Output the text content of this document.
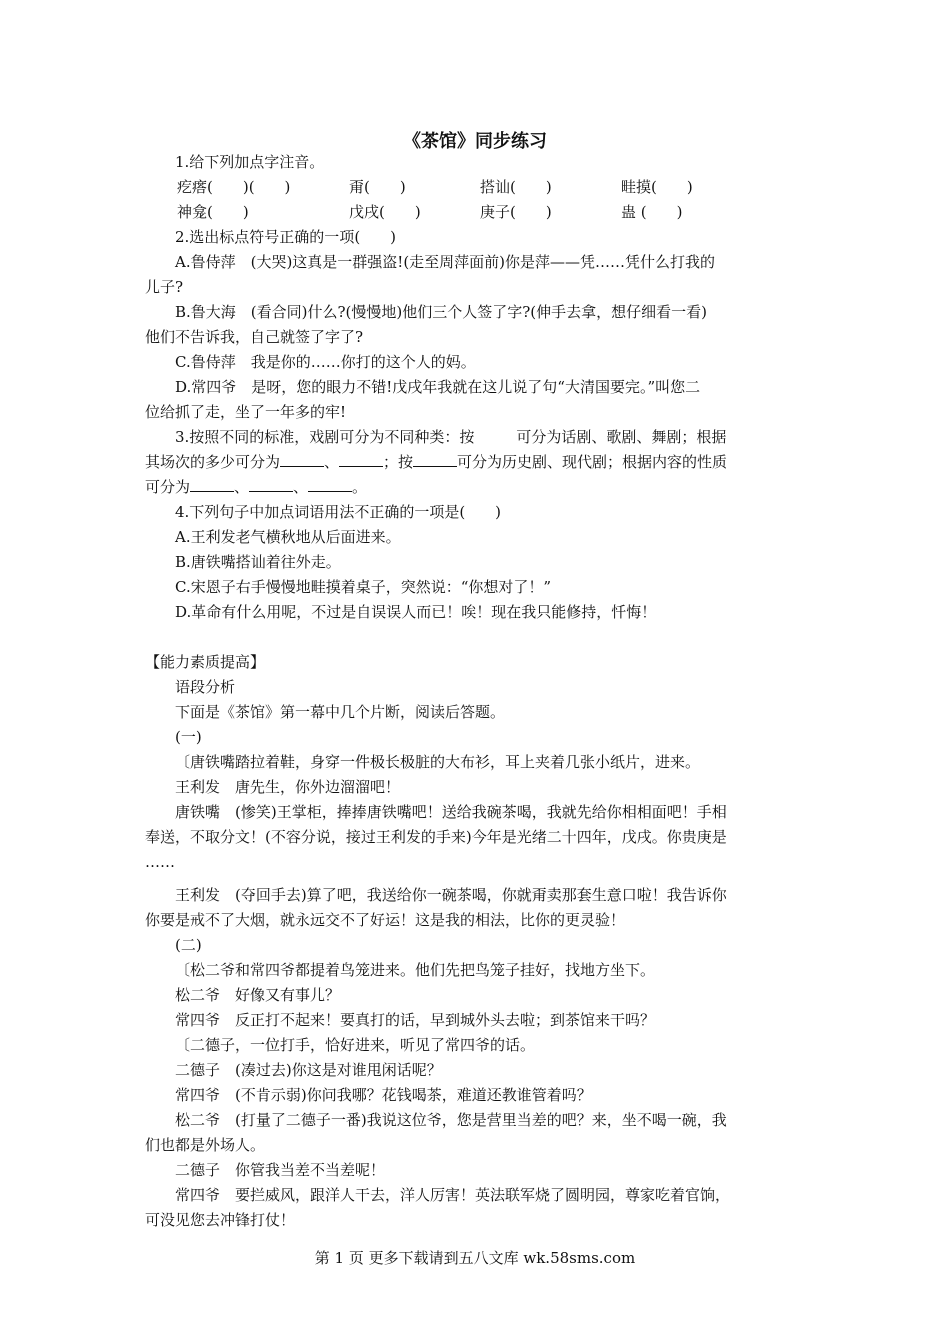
《茶馆》同步练习

1.给下列加点字注音。

疙瘩(　　)(　　)	甭(　　)	搭讪(　　)	畦摸(　　)
神龛(　　)	戊戌(　　)	庚子(　　)	蛊 (　　)

2.选出标点符号正确的一项(　　)

A.鲁侍萍　(大哭)这真是一群强盗!(走至周萍面前)你是萍——凭……凭什么打我的

儿子?

B.鲁大海　(看合同)什么?(慢慢地)他们三个人签了字?(伸手去拿，想仔细看一看)

他们不告诉我，自己就签了字了?

C.鲁侍萍　我是你的……你打的这个人的妈。

D.常四爷　是呀，您的眼力不错!戊戌年我就在这儿说了句“大清国要完。”叫您二

位给抓了走，坐了一年多的牢!

3.按照不同的标准，戏剧可分为不同种类：按	可分为话剧、歌剧、舞剧；根据

其场次的多少可分为	、	；按	可分为历史剧、现代剧；根据内容的性质

可分为	、	、	。

4.下列句子中加点词语用法不正确的一项是(　　)

A.王利发老气横秋地从后面进来。

B.唐铁嘴搭讪着往外走。

C.宋恩子右手慢慢地畦摸着桌子，突然说：“你想对了！”

D.革命有什么用呢，不过是自误误人而已！唉！现在我只能修持，忏悔！

【能力素质提高】

语段分析

下面是《茶馆》第一幕中几个片断，阅读后答题。

(一)

〔唐铁嘴踏拉着鞋，身穿一件极长极脏的大布衫，耳上夹着几张小纸片，进来。

王利发　唐先生，你外边溜溜吧！

唐铁嘴　(惨笑)王掌柜，捧捧唐铁嘴吧！送给我碗茶喝，我就先给你相相面吧！手相

奉送，不取分文！(不容分说，接过王利发的手来)今年是光绪二十四年，戊戌。你贵庚是

……

王利发　(夺回手去)算了吧，我送给你一碗茶喝，你就甭卖那套生意口啦！我告诉你

你要是戒不了大烟，就永远交不了好运！这是我的相法，比你的更灵验！

(二)

〔松二爷和常四爷都提着鸟笼进来。他们先把鸟笼子挂好，找地方坐下。

松二爷　好像又有事儿？

常四爷　反正打不起来！要真打的话，早到城外头去啦；到茶馆来干吗？

〔二德子，一位打手，恰好进来，听见了常四爷的话。

二德子　(凑过去)你这是对谁甩闲话呢？

常四爷　(不肯示弱)你问我哪？花钱喝茶，难道还教谁管着吗？

松二爷　(打量了二德子一番)我说这位爷，您是营里当差的吧？来，坐不喝一碗，我

们也都是外场人。

二德子　你管我当差不当差呢！

常四爷　要拦威风，跟洋人干去，洋人厉害！英法联军烧了圆明园，尊家吃着官饷，

可没见您去冲锋打仗！

第 1 页 更多下载请到五八文库 wk.58sms.com
